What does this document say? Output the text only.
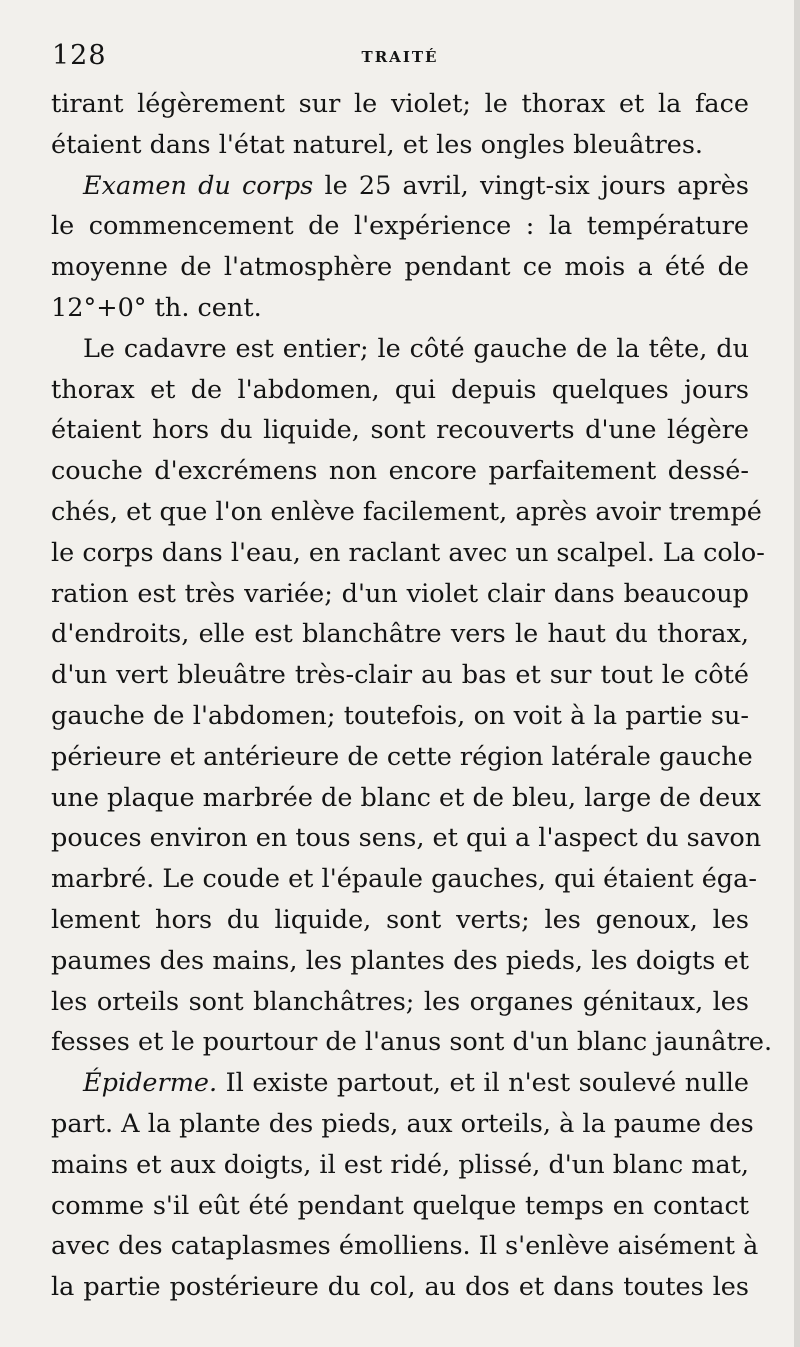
128	TRAITÉ
tirant légèrement sur le violet; le thorax et la face
étaient dans l'état naturel, et les ongles bleuâtres.
Examen du corps le 25 avril, vingt-six jours après
le commencement de l'expérience : la température
moyenne de l'atmosphère pendant ce mois a été de
12°+0° th. cent.
Le cadavre est entier; le côté gauche de la tête, du
thorax et de l'abdomen, qui depuis quelques jours
étaient hors du liquide, sont recouverts d'une légère
couche d'excrémens non encore parfaitement dessé-
chés, et que l'on enlève facilement, après avoir trempé
le corps dans l'eau, en raclant avec un scalpel. La colo-
ration est très variée; d'un violet clair dans beaucoup
d'endroits, elle est blanchâtre vers le haut du thorax,
d'un vert bleuâtre très-clair au bas et sur tout le côté
gauche de l'abdomen; toutefois, on voit à la partie su-
périeure et antérieure de cette région latérale gauche
une plaque marbrée de blanc et de bleu, large de deux
pouces environ en tous sens, et qui a l'aspect du savon
marbré. Le coude et l'épaule gauches, qui étaient éga-
lement hors du liquide, sont verts; les genoux, les
paumes des mains, les plantes des pieds, les doigts et
les orteils sont blanchâtres; les organes génitaux, les
fesses et le pourtour de l'anus sont d'un blanc jaunâtre.
Épiderme. Il existe partout, et il n'est soulevé nulle
part. A la plante des pieds, aux orteils, à la paume des
mains et aux doigts, il est ridé, plissé, d'un blanc mat,
comme s'il eût été pendant quelque temps en contact
avec des cataplasmes émolliens. Il s'enlève aisément à
la partie postérieure du col, au dos et dans toutes les
